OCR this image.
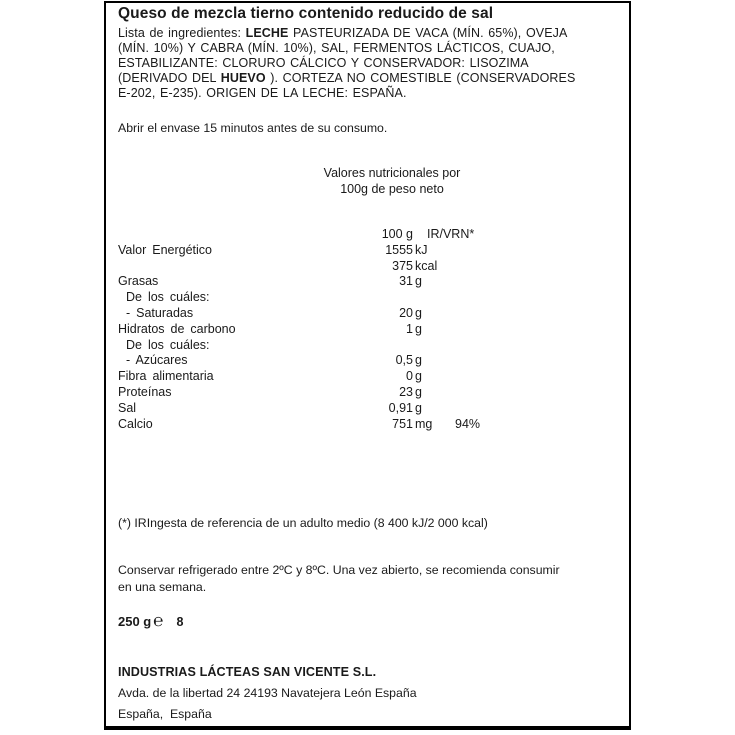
Queso de mezcla tierno contenido reducido de sal
Lista de ingredientes: LECHE PASTEURIZADA DE VACA (MÍN. 65%), OVEJA
(MÍN. 10%) Y CABRA (MÍN. 10%), SAL, FERMENTOS LÁCTICOS, CUAJO,
ESTABILIZANTE: CLORURO CÁLCICO Y CONSERVADOR: LISOZIMA
(DERIVADO DEL HUEVO ). CORTEZA NO COMESTIBLE (CONSERVADORES
E-202, E-235). ORIGEN DE LA LECHE: ESPAÑA.
Abrir el envase 15 minutos antes de su consumo.
Valores nutricionales por
100g de peso neto
100 g	IR/VRN*
Valor Energético	1555 kJ
375 kcal
Grasas	31 g
De los cuáles:
- Saturadas	20 g
Hidratos de carbono	1 g
De los cuáles:
- Azúcares	0,5 g
Fibra alimentaria	0 g
Proteínas	23 g
Sal	0,91 g
Calcio	751 mg	94%
(*) IRIngesta de referencia de un adulto medio (8 400 kJ/2 000 kcal)
Conservar refrigerado entre 2ºC y 8ºC. Una vez abierto, se recomienda consumir
en una semana.
250 g ℮ 8
INDUSTRIAS LÁCTEAS SAN VICENTE S.L.
Avda. de la libertad 24 24193 Navatejera León España
España,  España
